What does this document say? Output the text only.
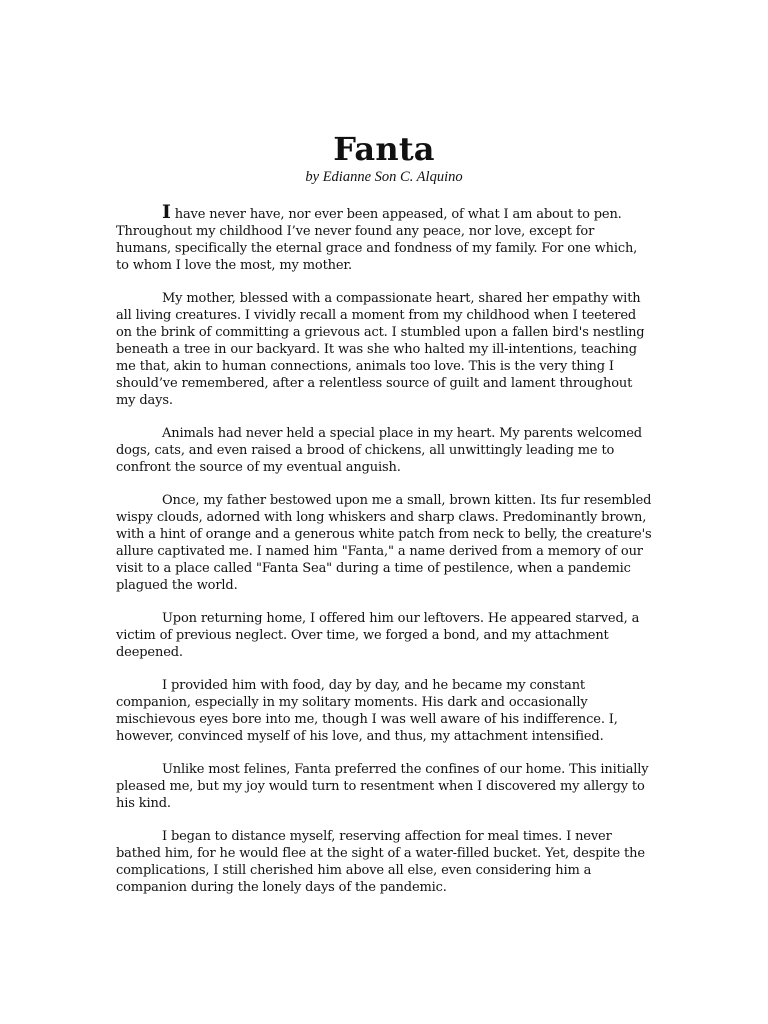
Fanta
by Edianne Son C. Alquino

I have never have, nor ever been appeased, of what I am about to pen. Throughout my childhood I’ve never found any peace, nor love, except for humans, specifically the eternal grace and fondness of my family. For one which, to whom I love the most, my mother.

My mother, blessed with a compassionate heart, shared her empathy with all living creatures. I vividly recall a moment from my childhood when I teetered on the brink of committing a grievous act. I stumbled upon a fallen bird's nestling beneath a tree in our backyard. It was she who halted my ill-intentions, teaching me that, akin to human connections, animals too love. This is the very thing I should’ve remembered, after a relentless source of guilt and lament throughout my days.

Animals had never held a special place in my heart. My parents welcomed dogs, cats, and even raised a brood of chickens, all unwittingly leading me to confront the source of my eventual anguish.

Once, my father bestowed upon me a small, brown kitten. Its fur resembled wispy clouds, adorned with long whiskers and sharp claws. Predominantly brown, with a hint of orange and a generous white patch from neck to belly, the creature's allure captivated me. I named him "Fanta," a name derived from a memory of our visit to a place called "Fanta Sea" during a time of pestilence, when a pandemic plagued the world.

Upon returning home, I offered him our leftovers. He appeared starved, a victim of previous neglect. Over time, we forged a bond, and my attachment deepened.

I provided him with food, day by day, and he became my constant companion, especially in my solitary moments. His dark and occasionally mischievous eyes bore into me, though I was well aware of his indifference. I, however, convinced myself of his love, and thus, my attachment intensified.

Unlike most felines, Fanta preferred the confines of our home. This initially pleased me, but my joy would turn to resentment when I discovered my allergy to his kind.

I began to distance myself, reserving affection for meal times. I never bathed him, for he would flee at the sight of a water-filled bucket. Yet, despite the complications, I still cherished him above all else, even considering him a companion during the lonely days of the pandemic.
